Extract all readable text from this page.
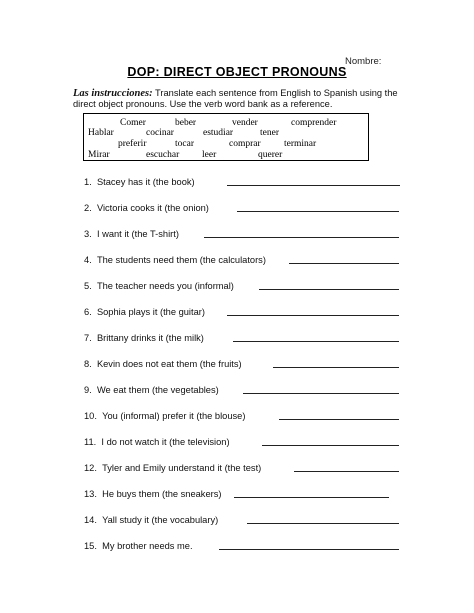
Nombre:
DOP: DIRECT OBJECT PRONOUNS
Las instrucciones: Translate each sentence from English to Spanish using the direct object pronouns. Use the verb word bank as a reference.
Comer	beber	vender	comprender
Hablar	cocinar	estudiar	tener
preferir	tocar	comprar terminar
Mirar	escuchar leer	querer
1.
Stacey has it (the book)
2.
Victoria cooks it (the onion)
3.
I want it (the T-shirt)
4.
The students need them (the calculators)
5.
The teacher needs you (informal)
6.
Sophia plays it (the guitar)
7.
Brittany drinks it (the milk)
8.
Kevin does not eat them (the fruits)
9.
We eat them (the vegetables)
10.
You (informal) prefer it (the blouse)
11.
I do not watch it (the television)
12.
Tyler and Emily understand it (the test)
13.
He buys them (the sneakers)
14.
Yall study it (the vocabulary)
15.
My brother needs me.
